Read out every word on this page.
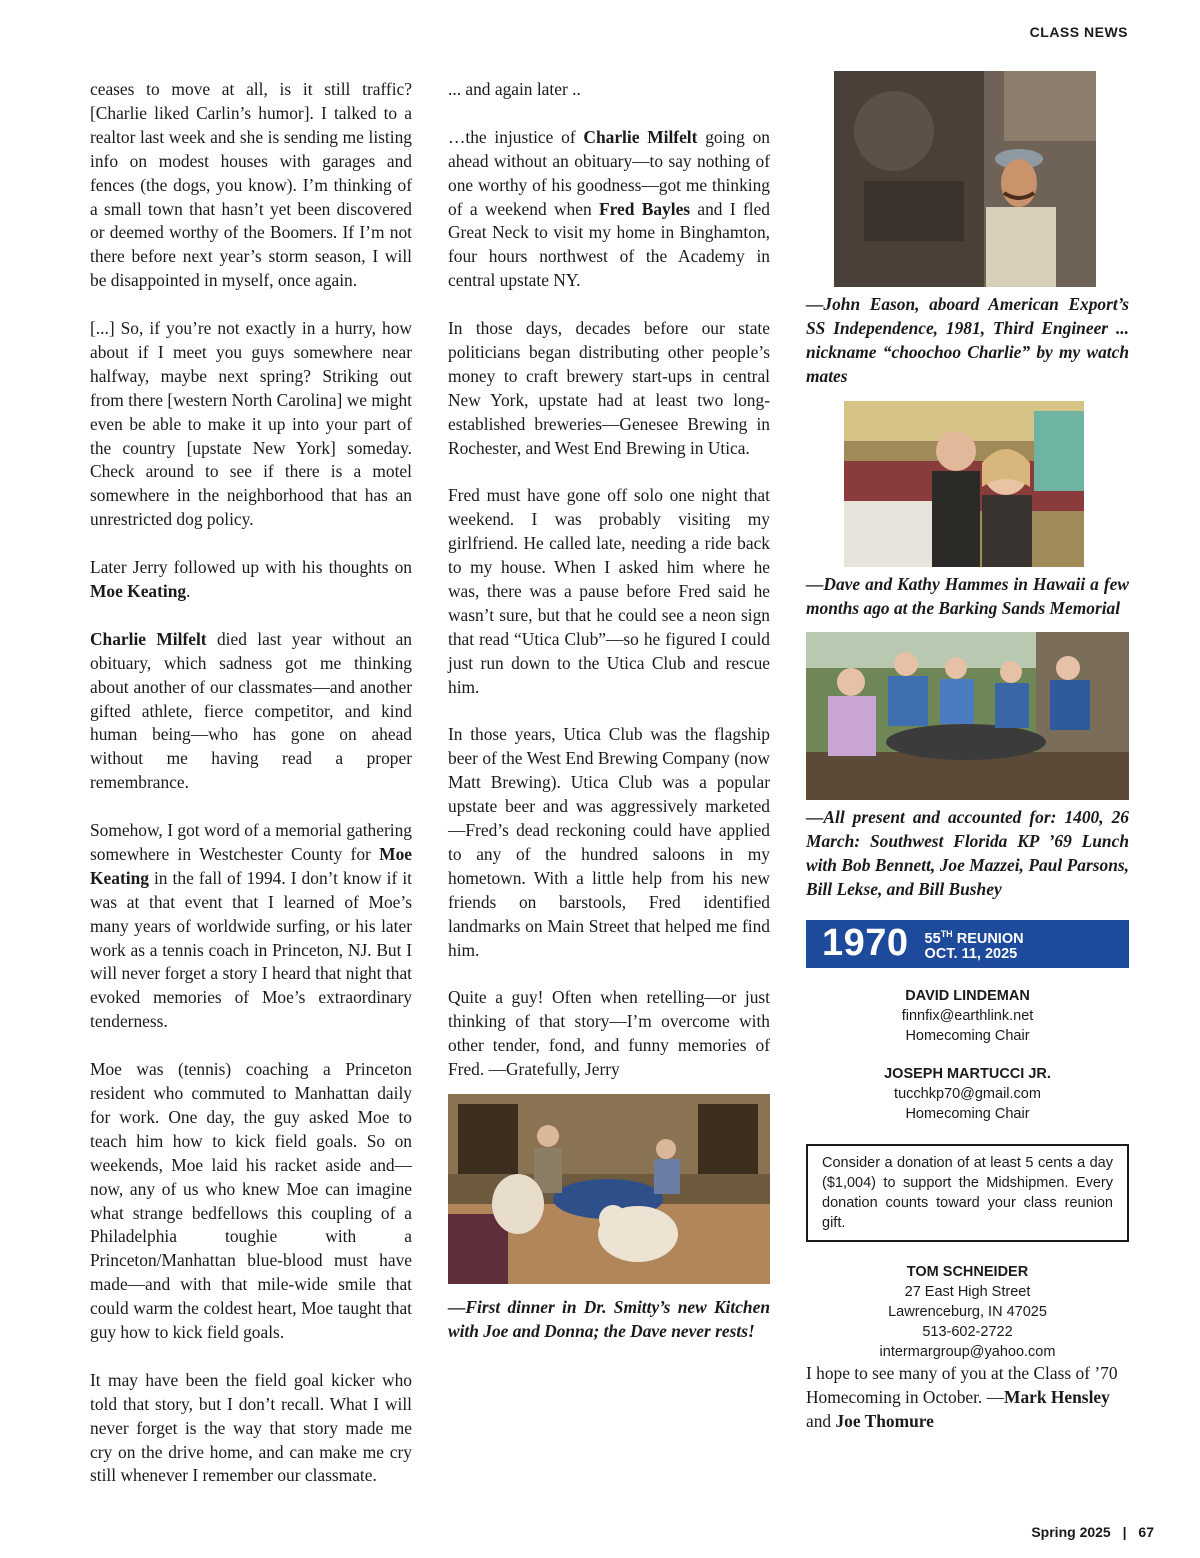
CLASS NEWS

ceases to move at all, is it still traffic? [Charlie liked Carlin’s humor]. I talked to a realtor last week and she is sending me listing info on modest houses with garages and fences (the dogs, you know). I’m thinking of a small town that hasn’t yet been discovered or deemed worthy of the Boomers. If I’m not there before next year’s storm season, I will be disappointed in myself, once again.

[...] So, if you’re not exactly in a hurry, how about if I meet you guys somewhere near halfway, maybe next spring? Striking out from there [western North Carolina] we might even be able to make it up into your part of the country [upstate New York] someday. Check around to see if there is a motel somewhere in the neighborhood that has an unrestricted dog policy.

Later Jerry followed up with his thoughts on Moe Keating.

Charlie Milfelt died last year without an obituary, which sadness got me thinking about another of our classmates—and another gifted athlete, fierce competitor, and kind human being—who has gone on ahead without me having read a proper remembrance.

Somehow, I got word of a memorial gathering somewhere in Westchester County for Moe Keating in the fall of 1994. I don’t know if it was at that event that I learned of Moe’s many years of worldwide surfing, or his later work as a tennis coach in Princeton, NJ. But I will never forget a story I heard that night that evoked memories of Moe’s extraordinary tenderness.

Moe was (tennis) coaching a Princeton resident who commuted to Manhattan daily for work. One day, the guy asked Moe to teach him how to kick field goals. So on weekends, Moe laid his racket aside and—now, any of us who knew Moe can imagine what strange bedfellows this coupling of a Philadelphia toughie with a Princeton/Manhattan blue-blood must have made—and with that mile-wide smile that could warm the coldest heart, Moe taught that guy how to kick field goals.

It may have been the field goal kicker who told that story, but I don’t recall. What I will never forget is the way that story made me cry on the drive home, and can make me cry still whenever I remember our classmate.

... and again later ..

…the injustice of Charlie Milfelt going on ahead without an obituary—to say nothing of one worthy of his goodness—got me thinking of a weekend when Fred Bayles and I fled Great Neck to visit my home in Binghamton, four hours northwest of the Academy in central upstate NY.

In those days, decades before our state politicians began distributing other people’s money to craft brewery start-ups in central New York, upstate had at least two long-established breweries—Genesee Brewing in Rochester, and West End Brewing in Utica.

Fred must have gone off solo one night that weekend. I was probably visiting my girlfriend. He called late, needing a ride back to my house. When I asked him where he was, there was a pause before Fred said he wasn’t sure, but that he could see a neon sign that read “Utica Club”—so he figured I could just run down to the Utica Club and rescue him.

In those years, Utica Club was the flagship beer of the West End Brewing Company (now Matt Brewing). Utica Club was a popular upstate beer and was aggressively marketed—Fred’s dead reckoning could have applied to any of the hundred saloons in my hometown. With a little help from his new friends on barstools, Fred identified landmarks on Main Street that helped me find him.

Quite a guy! Often when retelling—or just thinking of that story—I’m overcome with other tender, fond, and funny memories of Fred. —Gratefully, Jerry

—First dinner in Dr. Smitty’s new Kitchen with Joe and Donna; the Dave never rests!
—John Eason, aboard American Export’s SS Independence, 1981, Third Engineer ... nickname “choochoo Charlie” by my watch mates
—Dave and Kathy Hammes in Hawaii a few months ago at the Barking Sands Memorial
—All present and accounted for: 1400, 26 March: Southwest Florida KP ’69 Lunch with Bob Bennett, Joe Mazzei, Paul Parsons, Bill Lekse, and Bill Bushey
1970 55TH REUNION
OCT. 11, 2025
DAVID LINDEMAN
finnfix@earthlink.net
Homecoming Chair
JOSEPH MARTUCCI JR.
tucchkp70@gmail.com
Homecoming Chair
Consider a donation of at least 5 cents a day ($1,004) to support the Midshipmen. Every donation counts toward your class reunion gift.
TOM SCHNEIDER
27 East High Street
Lawrenceburg, IN 47025
513-602-2722
intermargroup@yahoo.com

I hope to see many of you at the Class of ’70 Homecoming in October. —Mark Hensley and Joe Thomure

Spring 2025 | 67
